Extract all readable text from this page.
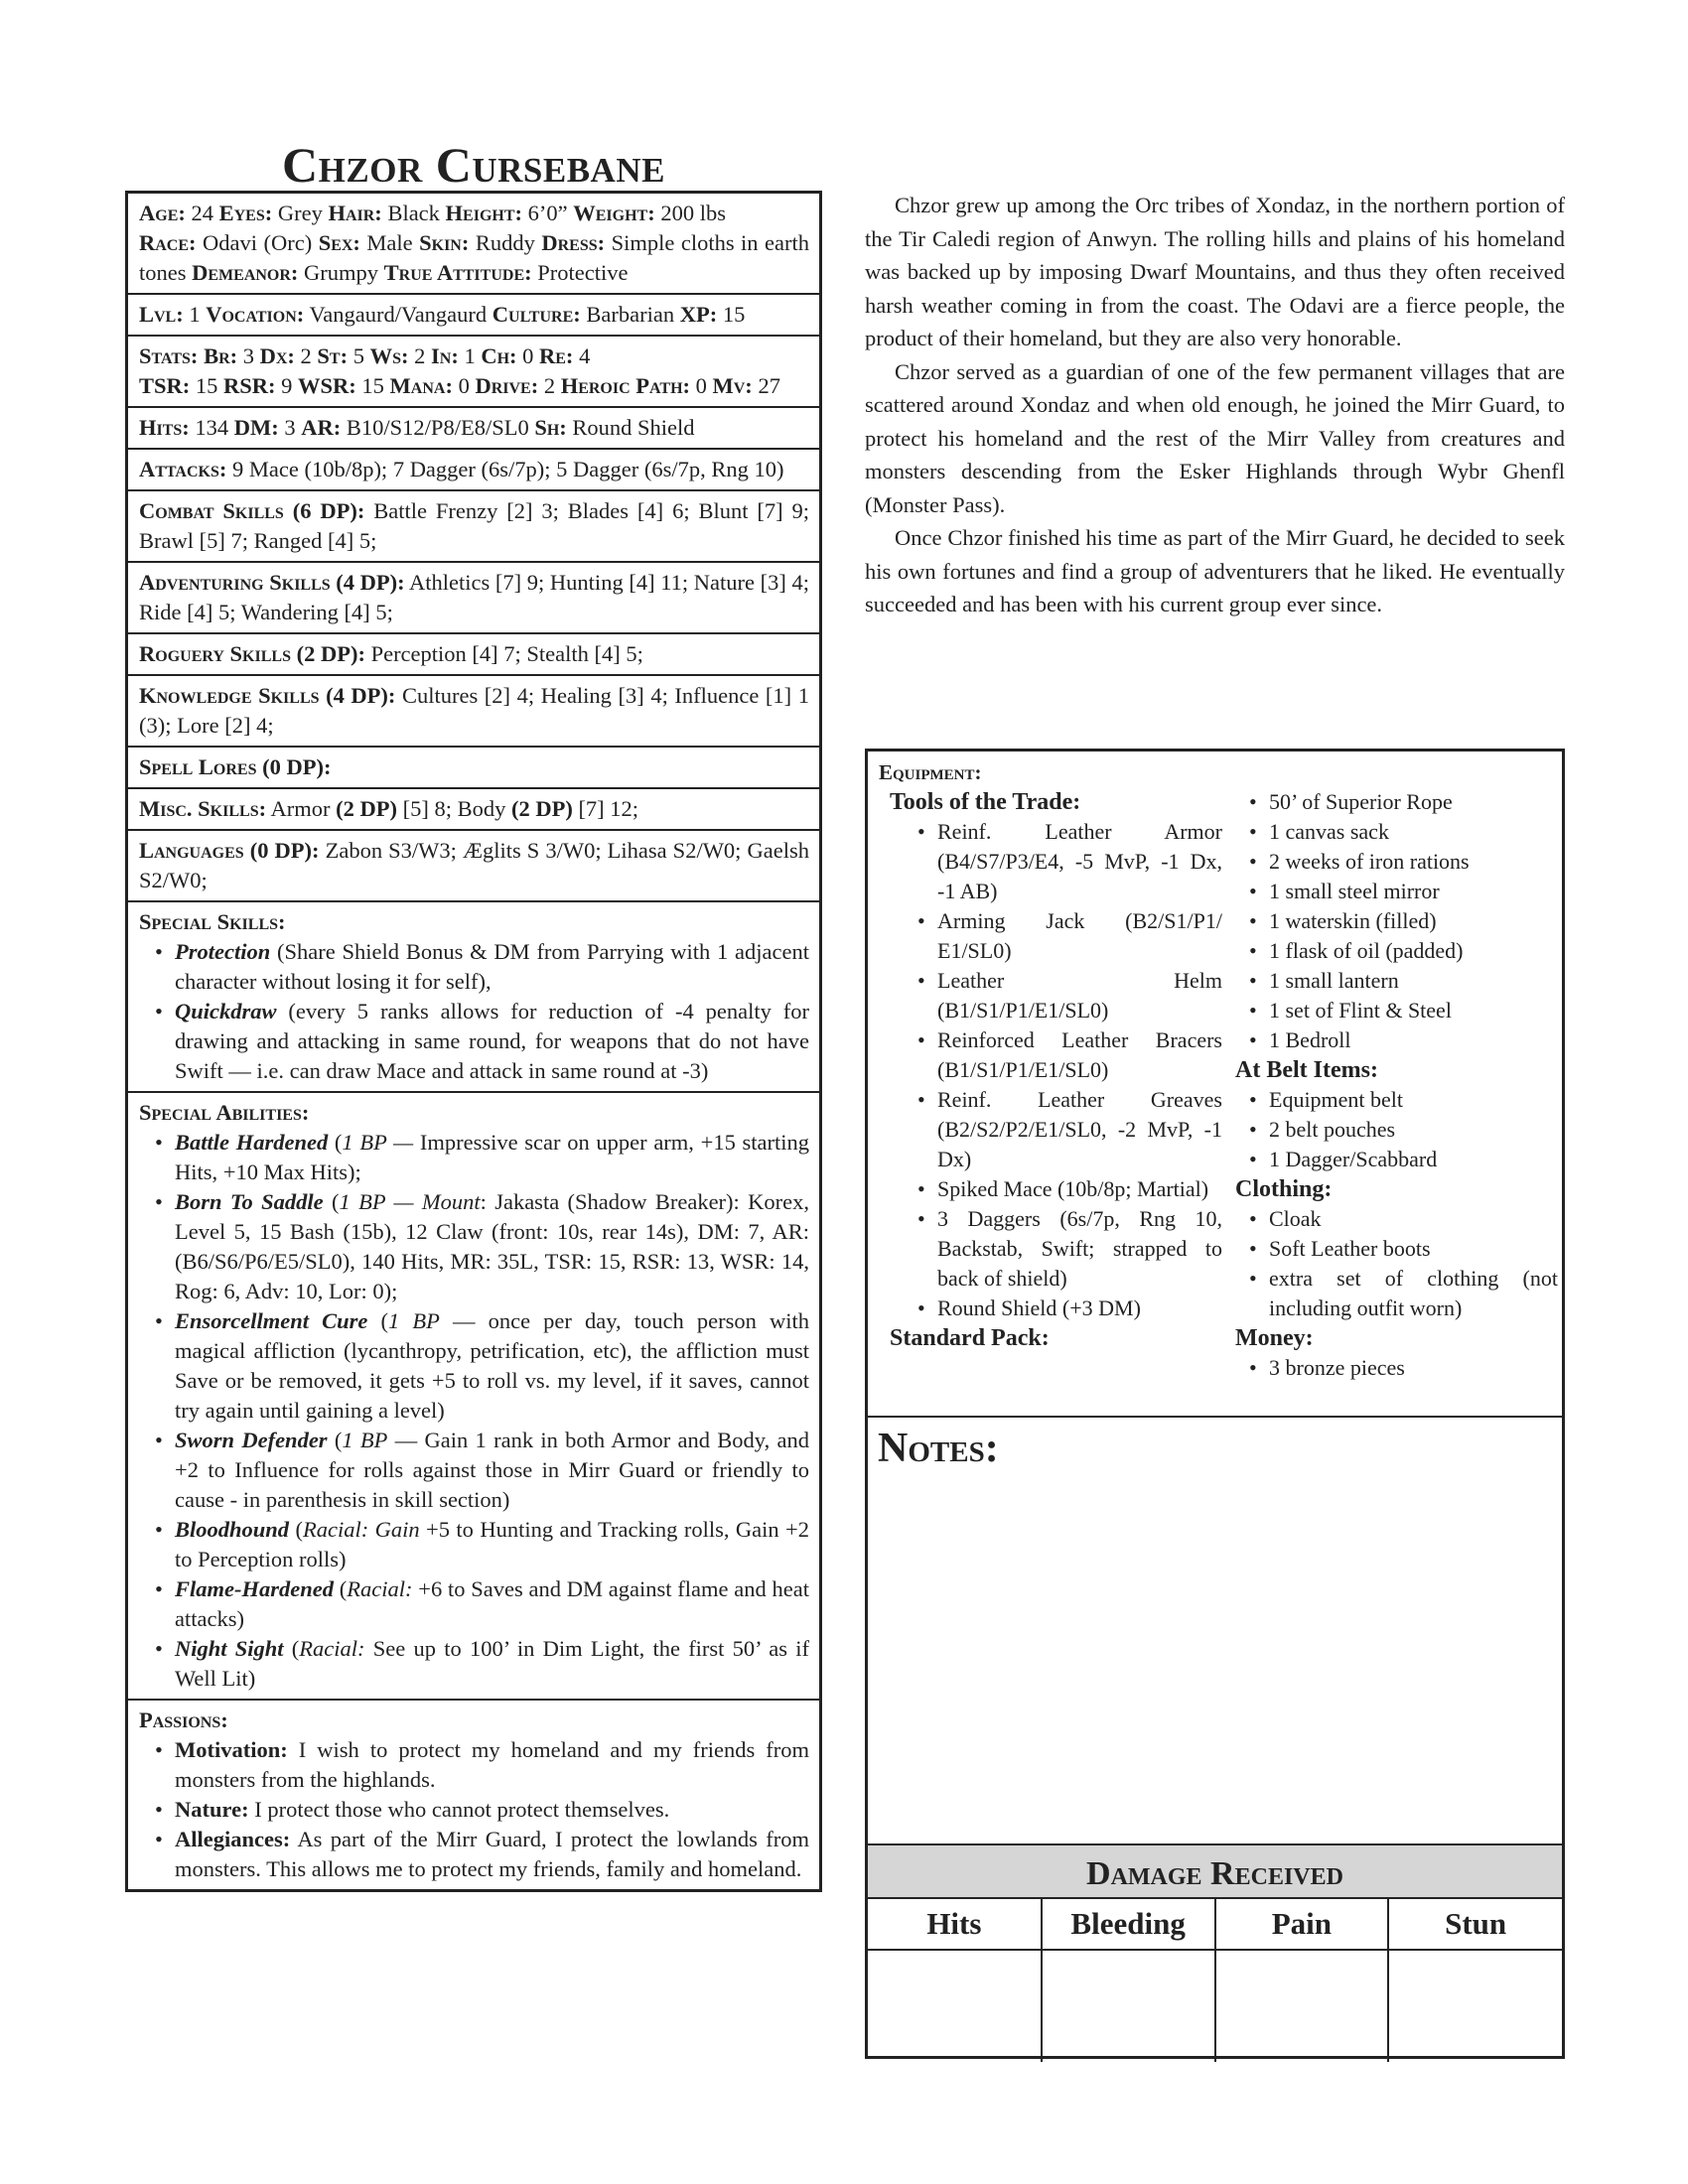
Chzor Cursebane
Age: 24 Eyes: Grey Hair: Black Height: 6’0” Weight: 200 lbs
Race: Odavi (Orc) Sex: Male Skin: Ruddy Dress: Simple cloths in earth tones Demeanor: Grumpy True Attitude: Protective
Lvl: 1 Vocation: Vangaurd/Vangaurd Culture: Barbarian XP: 15
Stats: Br: 3 Dx: 2 St: 5 Ws: 2 In: 1 Ch: 0 Re: 4
TSR: 15 RSR: 9 WSR: 15 Mana: 0 Drive: 2 Heroic Path: 0 Mv: 27
Hits: 134 DM: 3 AR: B10/S12/P8/E8/SL0 Sh: Round Shield
Attacks: 9 Mace (10b/8p); 7 Dagger (6s/7p); 5 Dagger (6s/7p, Rng 10)
Combat Skills (6 DP): Battle Frenzy [2] 3; Blades [4] 6; Blunt [7] 9; Brawl [5] 7; Ranged [4] 5;
Adventuring Skills (4 DP): Athletics [7] 9; Hunting [4] 11; Nature [3] 4; Ride [4] 5; Wandering [4] 5;
Roguery Skills (2 DP): Perception [4] 7; Stealth [4] 5;
Knowledge Skills (4 DP): Cultures [2] 4; Healing [3] 4; Influence [1] 1 (3); Lore [2] 4;
Spell Lores (0 DP):
Misc. Skills: Armor (2 DP) [5] 8; Body (2 DP) [7] 12;
Languages (0 DP): Zabon S3/W3; Æglits S 3/W0; Lihasa S2/W0; Gaelsh S2/W0;
Special Skills:
• Protection (Share Shield Bonus & DM from Parrying with 1 adjacent character without losing it for self),
• Quickdraw (every 5 ranks allows for reduction of -4 penalty for drawing and attacking in same round, for weapons that do not have Swift — i.e. can draw Mace and attack in same round at -3)
Special Abilities:
• Battle Hardened (1 BP — Impressive scar on upper arm, +15 starting Hits, +10 Max Hits);
• Born To Saddle (1 BP — Mount: Jakasta (Shadow Breaker): Korex, Level 5, 15 Bash (15b), 12 Claw (front: 10s, rear 14s), DM: 7, AR: (B6/S6/P6/E5/SL0), 140 Hits, MR: 35L, TSR: 15, RSR: 13, WSR: 14, Rog: 6, Adv: 10, Lor: 0);
• Ensorcellment Cure (1 BP — once per day, touch person with magical affliction (lycanthropy, petrification, etc), the affliction must Save or be removed, it gets +5 to roll vs. my level, if it saves, cannot try again until gaining a level)
• Sworn Defender (1 BP — Gain 1 rank in both Armor and Body, and +2 to Influence for rolls against those in Mirr Guard or friendly to cause - in parenthesis in skill section)
• Bloodhound (Racial: Gain +5 to Hunting and Tracking rolls, Gain +2 to Perception rolls)
• Flame-Hardened (Racial: +6 to Saves and DM against flame and heat attacks)
• Night Sight (Racial: See up to 100’ in Dim Light, the first 50’ as if Well Lit)
Passions:
• Motivation: I wish to protect my homeland and my friends from monsters from the highlands.
• Nature: I protect those who cannot protect themselves.
• Allegiances: As part of the Mirr Guard, I protect the lowlands from monsters. This allows me to protect my friends, family and homeland.

Chzor grew up among the Orc tribes of Xondaz, in the northern portion of the Tir Caledi region of Anwyn. The rolling hills and plains of his homeland was backed up by imposing Dwarf Mountains, and thus they often received harsh weather coming in from the coast. The Odavi are a fierce people, the product of their homeland, but they are also very honorable.

Chzor served as a guardian of one of the few permanent villages that are scattered around Xondaz and when old enough, he joined the Mirr Guard, to protect his homeland and the rest of the Mirr Valley from creatures and monsters descending from the Esker Highlands through Wybr Ghenfl (Monster Pass).

Once Chzor finished his time as part of the Mirr Guard, he decided to seek his own fortunes and find a group of adventurers that he liked. He eventually succeeded and has been with his current group ever since.

Equipment:
Tools of the Trade:
• Reinf. Leather Armor (B4/S7/P3/E4, -5 MvP, -1 Dx, -1 AB)
• Arming Jack (B2/S1/P1/ E1/SL0)
• Leather Helm (B1/S1/P1/E1/SL0)
• Reinforced Leather Bracers (B1/S1/P1/E1/SL0)
• Reinf. Leather Greaves (B2/S2/P2/E1/SL0, -2 MvP, -1 Dx)
• Spiked Mace (10b/8p; Martial)
• 3 Daggers (6s/7p, Rng 10, Backstab, Swift; strapped to back of shield)
• Round Shield (+3 DM)
Standard Pack:
• 50’ of Superior Rope
• 1 canvas sack
• 2 weeks of iron rations
• 1 small steel mirror
• 1 waterskin (filled)
• 1 flask of oil (padded)
• 1 small lantern
• 1 set of Flint & Steel
• 1 Bedroll
At Belt Items:
• Equipment belt
• 2 belt pouches
• 1 Dagger/Scabbard
Clothing:
• Cloak
• Soft Leather boots
• extra set of clothing (not including outfit worn)
Money:
• 3 bronze pieces
Notes:
Damage Received
Hits	Bleeding	Pain	Stun
